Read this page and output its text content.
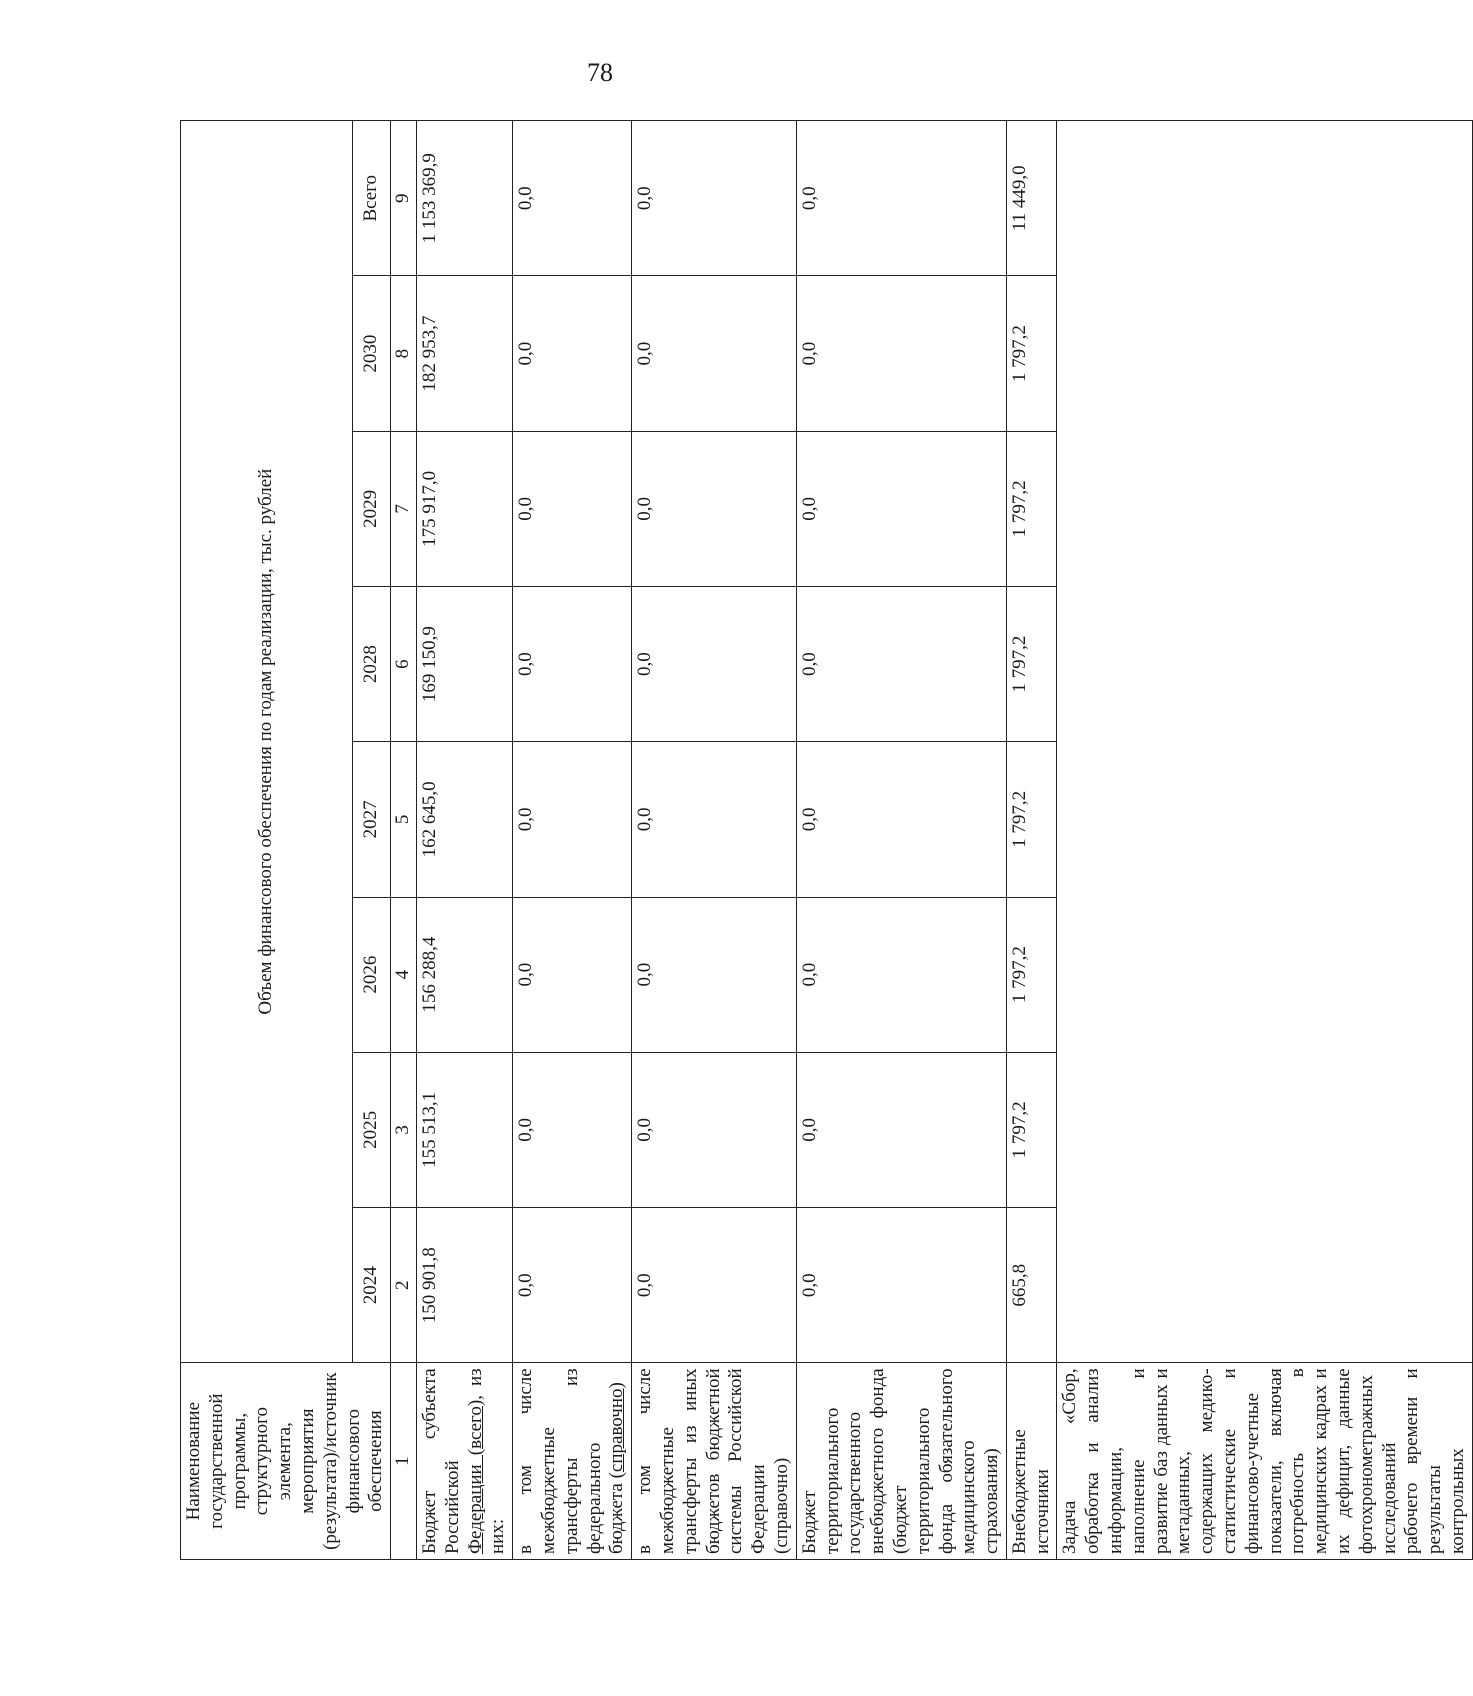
78
Наименование государственной программы, структурного элемента, мероприятия (результата)/источник финансового обеспечения	Объем финансового обеспечения по годам реализации, тыс. рублей							
	2024	2025	2026	2027	2028	2029	2030	Всего
1	2	3	4	5	6	7	8	9
Бюджет субъекта Российской Федерации (всего), из них:	150 901,8	155 513,1	156 288,4	162 645,0	169 150,9	175 917,0	182 953,7	1 153 369,9
в том числе межбюджетные трансферты из федерального бюджета (справочно)	0,0	0,0	0,0	0,0	0,0	0,0	0,0	0,0
в том числе межбюджетные трансферты из иных бюджетов бюджетной системы Российской Федерации (справочно)	0,0	0,0	0,0	0,0	0,0	0,0	0,0	0,0
Бюджет территориального государственного внебюджетного фонда (бюджет территориального фонда обязательного медицинского страхования)	0,0	0,0	0,0	0,0	0,0	0,0	0,0	0,0
Внебюджетные источники	665,8	1 797,2	1 797,2	1 797,2	1 797,2	1 797,2	1 797,2	11 449,0
Задача «Сбор, обработка и анализ информации, наполнение и развитие баз данных и метаданных, содержащих медико-статистические и финансово-учетные показатели, включая потребность в медицинских кадрах и их дефицит, данные фотохронометражных исследований рабочего времени и результаты контрольных								
